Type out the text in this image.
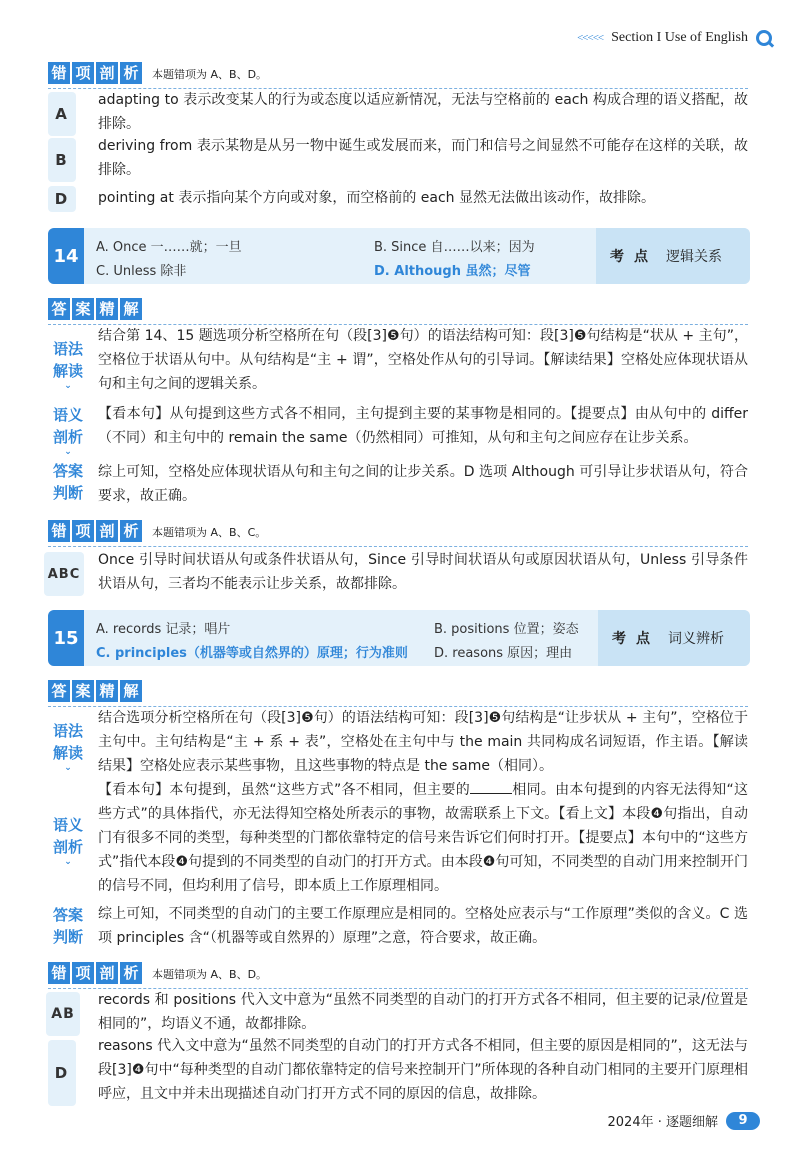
<<<<< Section I Use of English
错 项 剖 析	本题错项为 A、B、D。
A
adapting to 表示改变某人的行为或态度以适应新情况，无法与空格前的 each 构成合理的语义搭配，故排除。
B
deriving from 表示某物是从另一物中诞生或发展而来，而门和信号之间显然不可能存在这样的关联，故排除。
D	pointing at 表示指向某个方向或对象，而空格前的 each 显然无法做出该动作，故排除。
14	A. Once 一……就；一旦	B. Since 自……以来；因为
C. Unless 除非	D. Although 虽然；尽管
考点 逻辑关系
答 案 精 解
语法
解读
⌄
结合第 14、15 题选项分析空格所在句（段[3]❺句）的语法结构可知：段[3]❺句结构是“状从 + 主句”，空格位于状语从句中。从句结构是“主 + 谓”，空格处作从句的引导词。【解读结果】空格处应体现状语从句和主句之间的逻辑关系。
语义
剖析
⌄
【看本句】从句提到这些方式各不相同，主句提到主要的某事物是相同的。【提要点】由从句中的 differ（不同）和主句中的 remain the same（仍然相同）可推知，从句和主句之间应存在让步关系。
答案
判断
综上可知，空格处应体现状语从句和主句之间的让步关系。D 选项 Although 可引导让步状语从句，符合要求，故正确。
错 项 剖 析	本题错项为 A、B、C。
ABC
Once 引导时间状语从句或条件状语从句，Since 引导时间状语从句或原因状语从句，Unless 引导条件状语从句，三者均不能表示让步关系，故都排除。
15	A. records 记录；唱片	B. positions 位置；姿态
C. principles（机器等或自然界的）原理；行为准则 D. reasons 原因；理由
考点 词义辨析
答 案 精 解
语法
解读
⌄
结合选项分析空格所在句（段[3]❺句）的语法结构可知：段[3]❺句结构是“让步状从 + 主句”，空格位于主句中。主句结构是“主 + 系 + 表”，空格处在主句中与 the main 共同构成名词短语，作主语。【解读结果】空格处应表示某些事物，且这些事物的特点是 the same（相同）。
语义
剖析
⌄
【看本句】本句提到，虽然“这些方式”各不相同，但主要的	相同。由本句提到的内容无法得知“这些方式”的具体指代，亦无法得知空格处所表示的事物，故需联系上下文。【看上文】本段❹句指出，自动门有很多不同的类型，每种类型的门都依靠特定的信号来告诉它们何时打开。【提要点】本句中的“这些方式”指代本段❹句提到的不同类型的自动门的打开方式。由本段❹句可知，不同类型的自动门用来控制开门的信号不同，但均利用了信号，即本质上工作原理相同。
答案
判断
综上可知，不同类型的自动门的主要工作原理应是相同的。空格处应表示与“工作原理”类似的含义。C 选项 principles 含“（机器等或自然界的）原理”之意，符合要求，故正确。
错 项 剖 析	本题错项为 A、B、D。
AB
records 和 positions 代入文中意为“虽然不同类型的自动门的打开方式各不相同，但主要的记录/位置是相同的”，均语义不通，故都排除。
D
reasons 代入文中意为“虽然不同类型的自动门的打开方式各不相同，但主要的原因是相同的”，这无法与段[3]❹句中“每种类型的自动门都依靠特定的信号来控制开门”所体现的各种自动门相同的主要开门原理相呼应，且文中并未出现描述自动门打开方式不同的原因的信息，故排除。
2024年 · 逐题细解	9
